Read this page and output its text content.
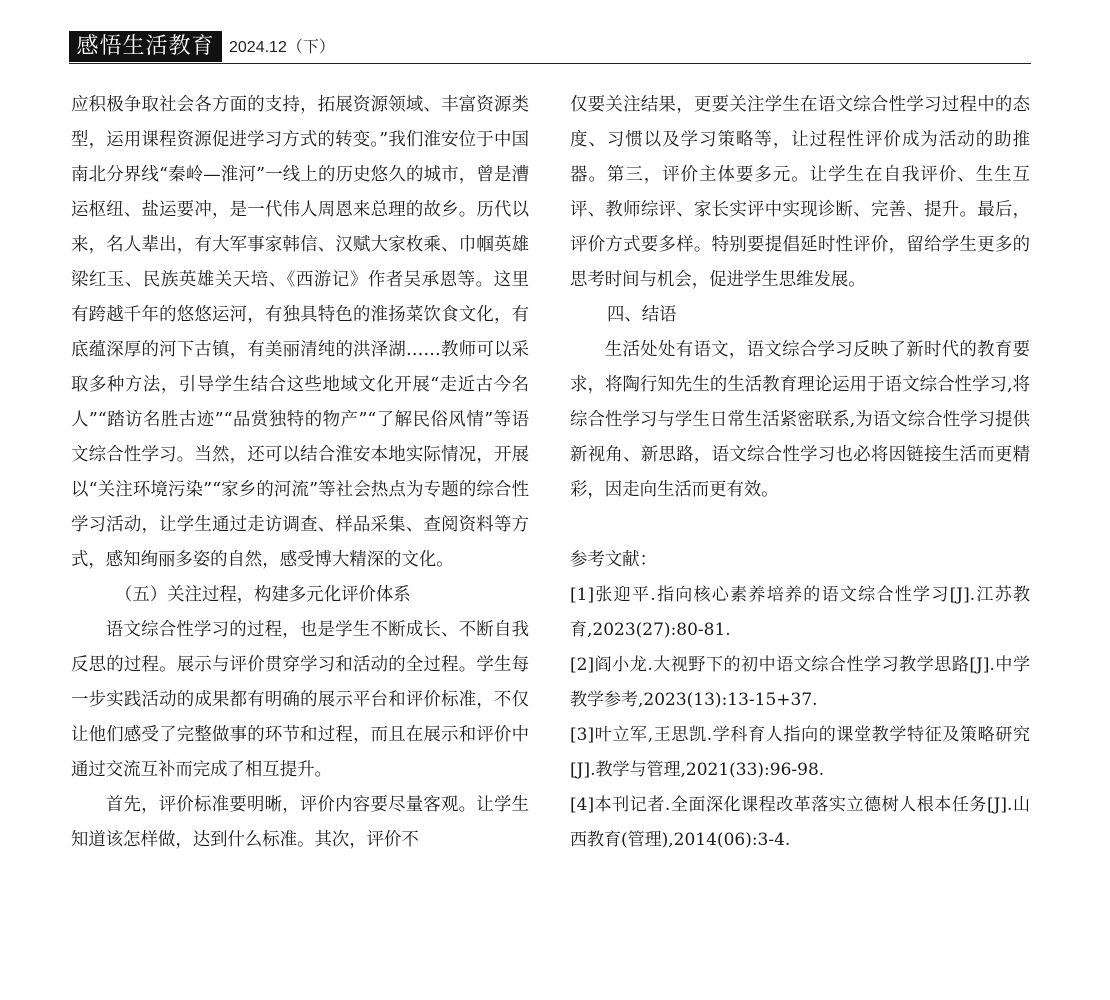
感悟生活教育 2024.12（下）

应积极争取社会各方面的支持，拓展资源领域、丰富资源类型，运用课程资源促进学习方式的转变。”我们淮安位于中国南北分界线“秦岭—淮河”一线上的历史悠久的城市，曾是漕运枢纽、盐运要冲，是一代伟人周恩来总理的故乡。历代以来，名人辈出，有大军事家韩信、汉赋大家枚乘、巾帼英雄梁红玉、民族英雄关天培、《西游记》作者吴承恩等。这里有跨越千年的悠悠运河，有独具特色的淮扬菜饮食文化，有底蕴深厚的河下古镇，有美丽清纯的洪泽湖……教师可以采取多种方法，引导学生结合这些地域文化开展“走近古今名人”“踏访名胜古迹”“品赏独特的物产”“了解民俗风情”等语文综合性学习。当然，还可以结合淮安本地实际情况，开展以“关注环境污染”“家乡的河流”等社会热点为专题的综合性学习活动，让学生通过走访调查、样品采集、查阅资料等方式，感知绚丽多姿的自然，感受博大精深的文化。

（五）关注过程，构建多元化评价体系

语文综合性学习的过程，也是学生不断成长、不断自我反思的过程。展示与评价贯穿学习和活动的全过程。学生每一步实践活动的成果都有明确的展示平台和评价标准，不仅让他们感受了完整做事的环节和过程，而且在展示和评价中通过交流互补而完成了相互提升。

首先，评价标准要明晰，评价内容要尽量客观。让学生知道该怎样做，达到什么标准。其次，评价不

仅要关注结果，更要关注学生在语文综合性学习过程中的态度、习惯以及学习策略等，让过程性评价成为活动的助推器。第三，评价主体要多元。让学生在自我评价、生生互评、教师综评、家长实评中实现诊断、完善、提升。最后，评价方式要多样。特别要提倡延时性评价，留给学生更多的思考时间与机会，促进学生思维发展。

四、结语

生活处处有语文，语文综合学习反映了新时代的教育要求，将陶行知先生的生活教育理论运用于语文综合性学习,将综合性学习与学生日常生活紧密联系,为语文综合性学习提供新视角、新思路，语文综合性学习也必将因链接生活而更精彩，因走向生活而更有效。

参考文献：

[1]张迎平.指向核心素养培养的语文综合性学习[J].江苏教育,2023(27):80-81.

[2]阎小龙.大视野下的初中语文综合性学习教学思路[J].中学教学参考,2023(13):13-15+37.

[3]叶立军,王思凯.学科育人指向的课堂教学特征及策略研究[J].教学与管理,2021(33):96-98.

[4]本刊记者.全面深化课程改革落实立德树人根本任务[J].山西教育(管理),2014(06):3-4.
